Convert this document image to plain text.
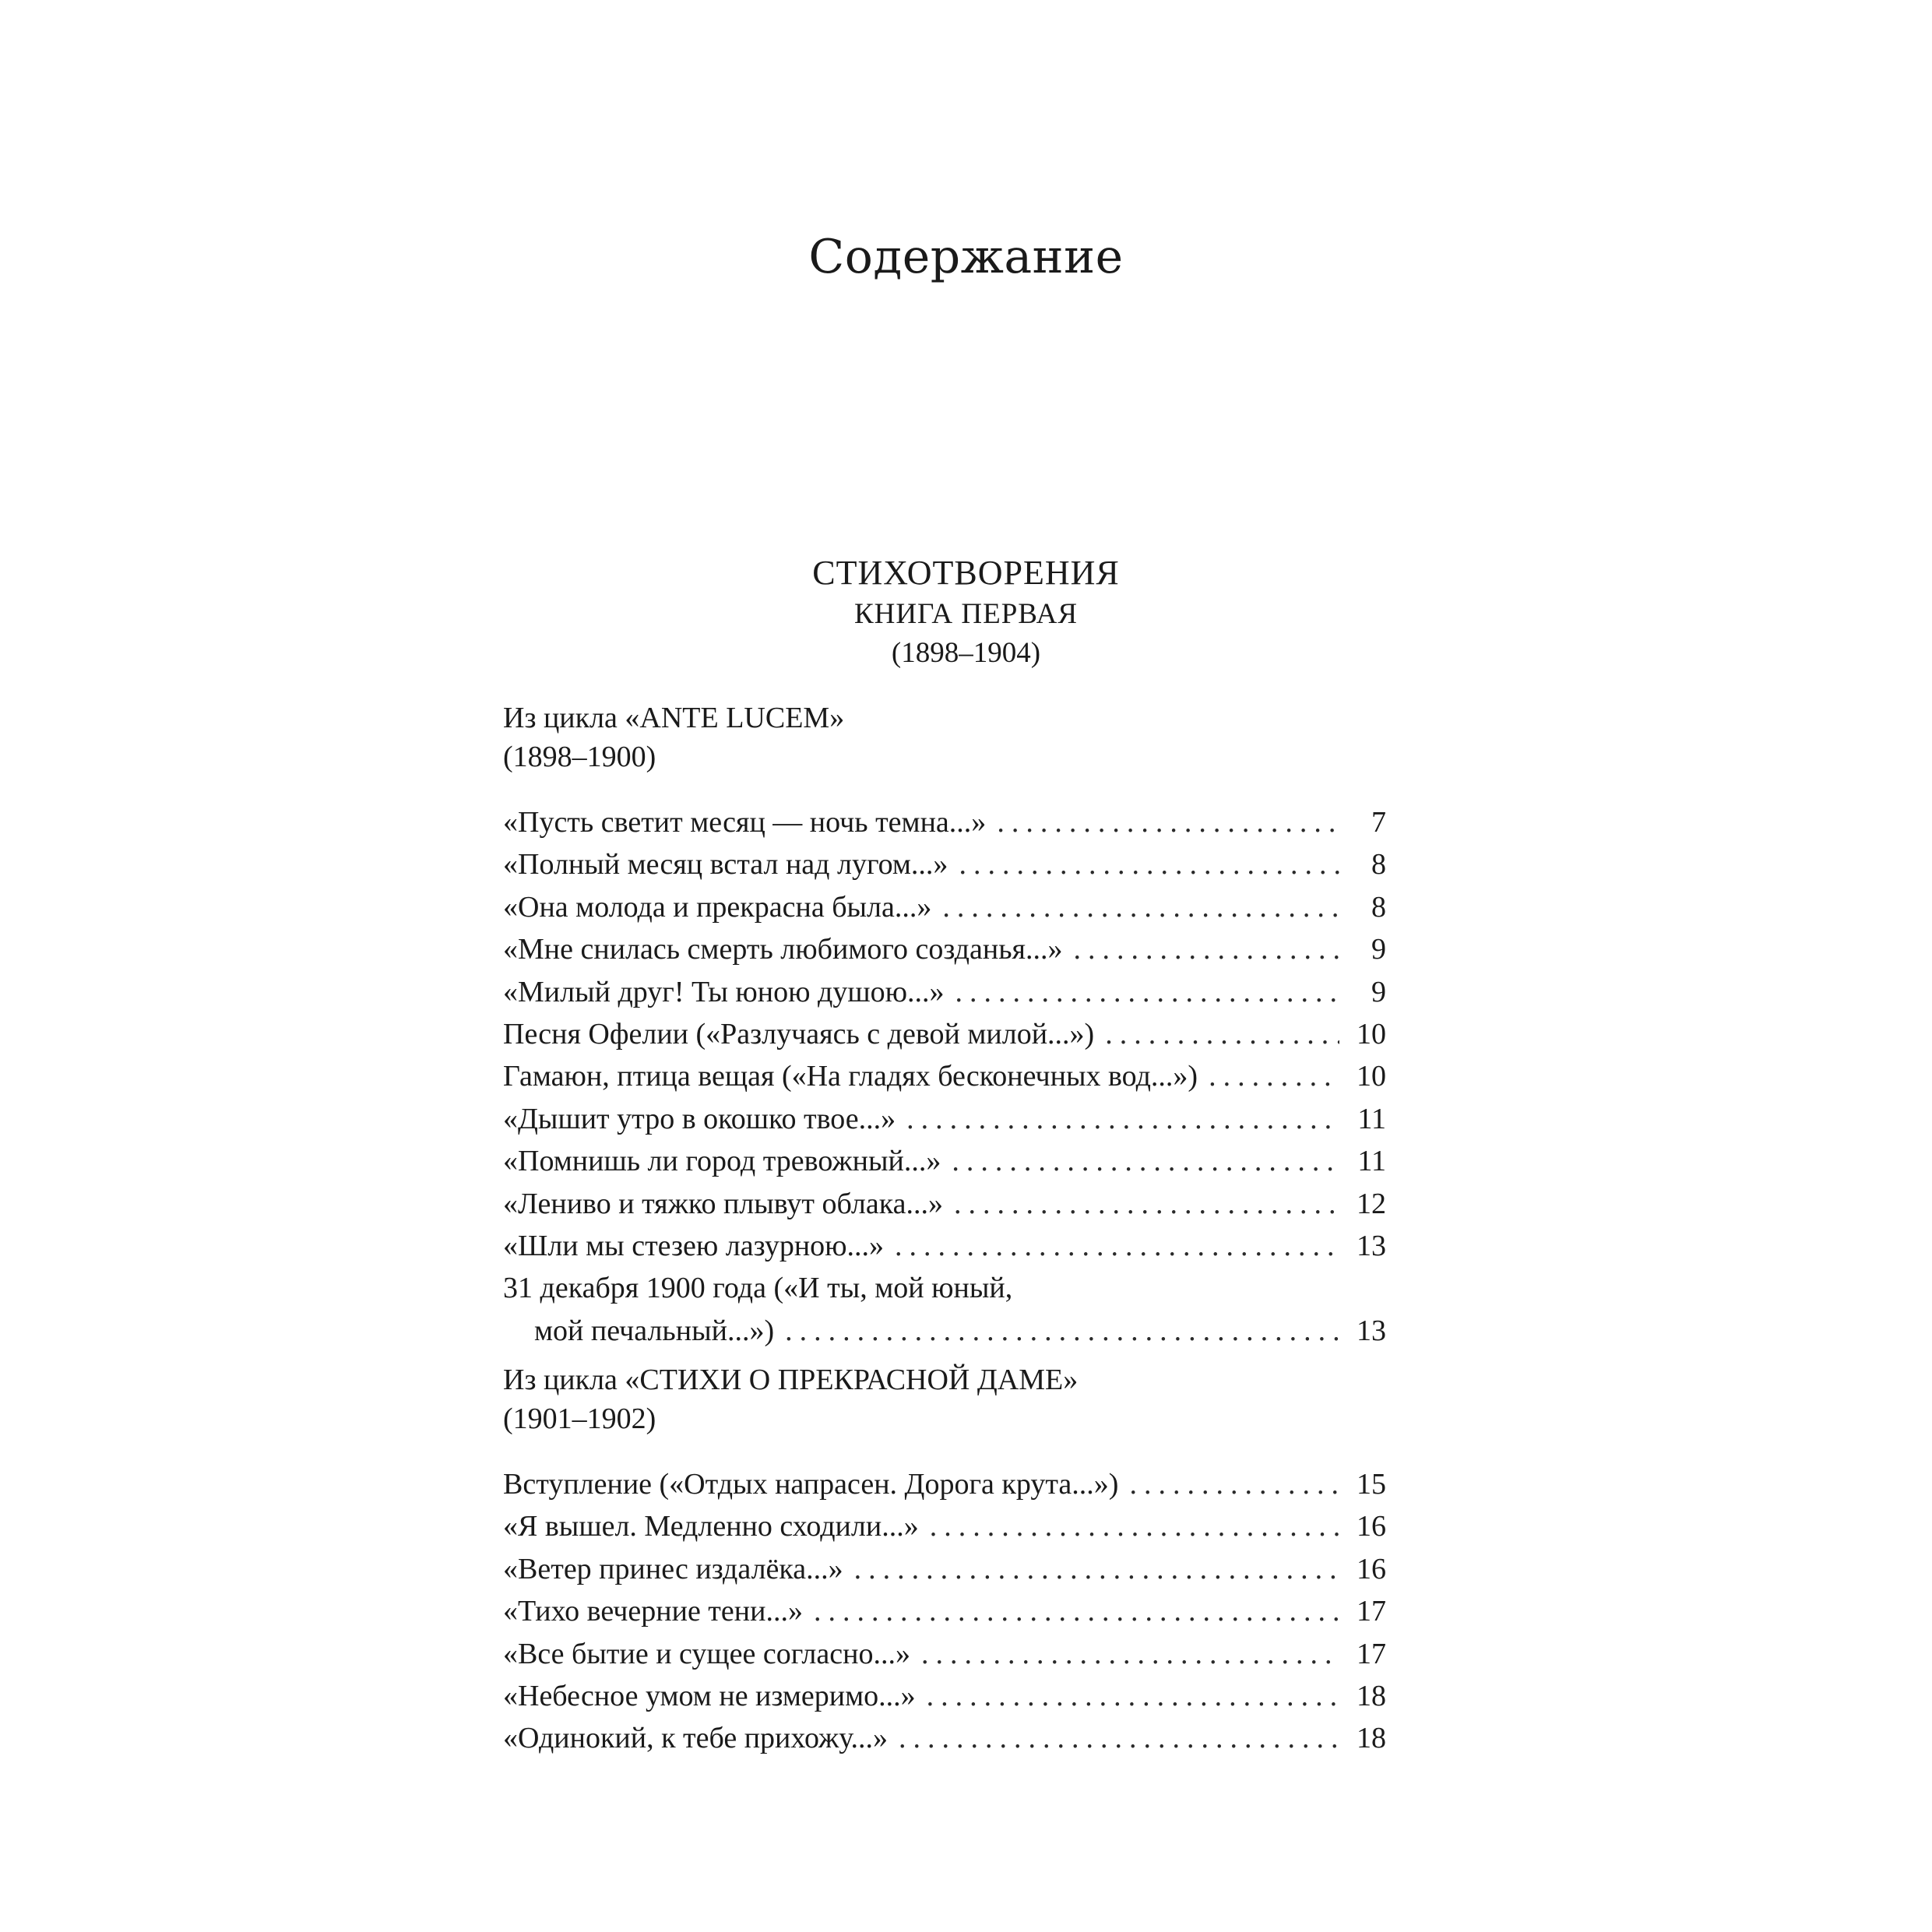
Содержание
СТИХОТВОРЕНИЯ
КНИГА ПЕРВАЯ
(1898–1904)
Из цикла «ANTE LUCEM»
(1898–1900)
«Пусть светит месяц — ночь темна...» .....	7
«Полный месяц встал над лугом...» .....	8
«Она молода и прекрасна была...» .....	8
«Мне снилась смерть любимого созданья...» .....	9
«Милый друг! Ты юною душою...» .....	9
Песня Офелии («Разлучаясь с девой милой...») .....	10
Гамаюн, птица вещая («На гладях бесконечных вод...») .....	10
«Дышит утро в окошко твое...» .....	11
«Помнишь ли город тревожный...» .....	11
«Лениво и тяжко плывут облака...» .....	12
«Шли мы стезею лазурною...» .....	13
31 декабря 1900 года («И ты, мой юный,
мой печальный...») .....	13
Из цикла «СТИХИ О ПРЕКРАСНОЙ ДАМЕ»
(1901–1902)
Вступление («Отдых напрасен. Дорога крута...») .....	15
«Я вышел. Медленно сходили...» .....	16
«Ветер принес издалёка...» .....	16
«Тихо вечерние тени...» .....	17
«Все бытие и сущее согласно...» .....	17
«Небесное умом не измеримо...» .....	18
«Одинокий, к тебе прихожу...» .....	18
